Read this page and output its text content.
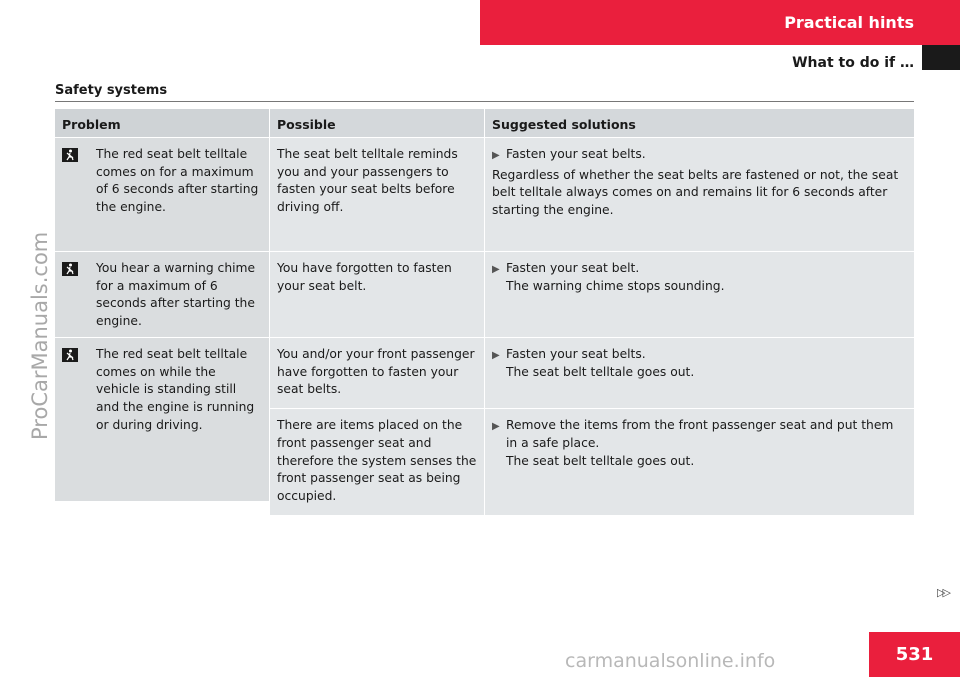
Practical hints
What to do if …
Safety systems
ProCarManuals.com
Problem	Possible	Suggested solutions
The red seat belt telltale comes on for a maximum of 6 seconds after starting the engine.
The seat belt telltale reminds you and your passengers to fasten your seat belts before driving off.
▶ Fasten your seat belts.
Regardless of whether the seat belts are fastened or not, the seat belt telltale always comes on and remains lit for 6 seconds after starting the engine.
You hear a warning chime for a maximum of 6 seconds after starting the engine.
You have forgotten to fasten your seat belt.
▶ Fasten your seat belt.
The warning chime stops sounding.
The red seat belt telltale comes on while the vehicle is standing still and the engine is running or during driving.
You and/or your front passenger have forgotten to fasten your seat belts.
▶ Fasten your seat belts.
The seat belt telltale goes out.
There are items placed on the front passenger seat and therefore the system senses the front passenger seat as being occupied.
▶ Remove the items from the front passenger seat and put them in a safe place.
The seat belt telltale goes out.
▷▷
531
carmanualsonline.info
